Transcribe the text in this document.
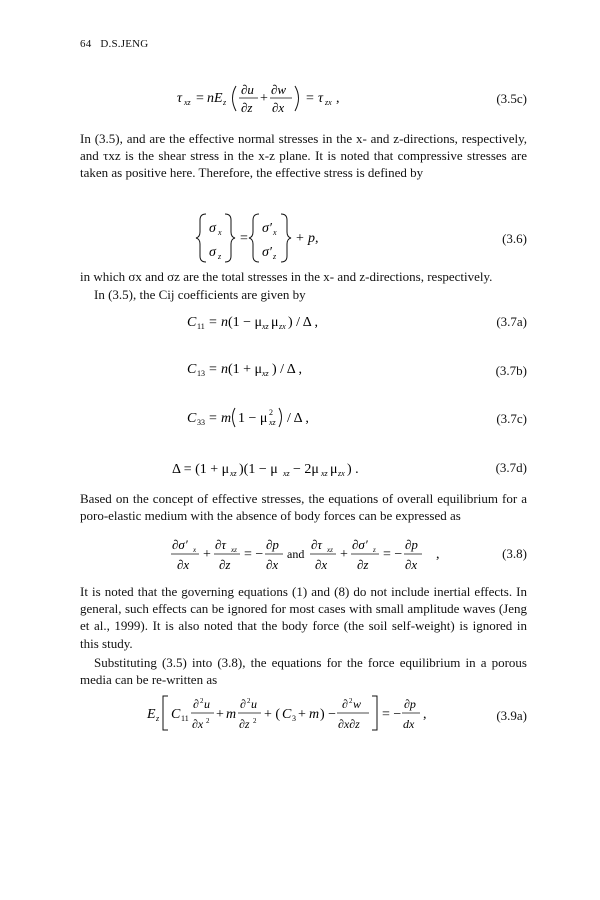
64 D.S.JENG
τ xz = nE z
∂u
∂z
+
∂w
∂x
= τ zx ,	(3.5c)
In (3.5), and are the effective normal stresses in the x- and z-directions, respectively, and τxz is the shear stress in the x-z plane. It is noted that compressive stresses are taken as positive here. Therefore, the effective stress is defined by
σ x
σ z
=
σ′ x
σ′ z
+ p ,	(3.6)
in which σx and σz are the total stresses in the x- and z-directions, respectively.
In (3.5), the Cij coefficients are given by
C 11 = n (1 − μ xz μ zx ) / Δ ,	(3.7a)
C 13 = n (1 + μ xz ) / Δ ,	(3.7b)
C 33 = m 1 − μ 2
xz / Δ ,	(3.7c)
Δ = (1 + μ xz )(1 − μ xz − 2μ xz μ zx ) .	(3.7d)
Based on the concept of effective stresses, the equations of overall equilibrium for a poro-elastic medium with the absence of body forces can be expressed as
∂σ′ x
∂x
+
∂τ xz
∂z
= −
∂p
∂x
and
∂τ xz
∂x
+
∂σ′ z
∂z
= −
∂p
∂x
,	(3.8)
It is noted that the governing equations (1) and (8) do not include inertial effects. In general, such effects can be ignored for most cases with small amplitude waves (Jeng et al., 1999). It is also noted that the body force (the soil self-weight) is ignored in this study.
Substituting (3.5) into (3.8), the equations for the force equilibrium in a porous media can be re-written as
E z C 11
∂ 2 u
∂x 2 + m
∂ 2 u
∂z 2 + ( C 3 + m ) −
∂ 2 w
∂x∂z
= −
∂p
dx
,	(3.9a)
